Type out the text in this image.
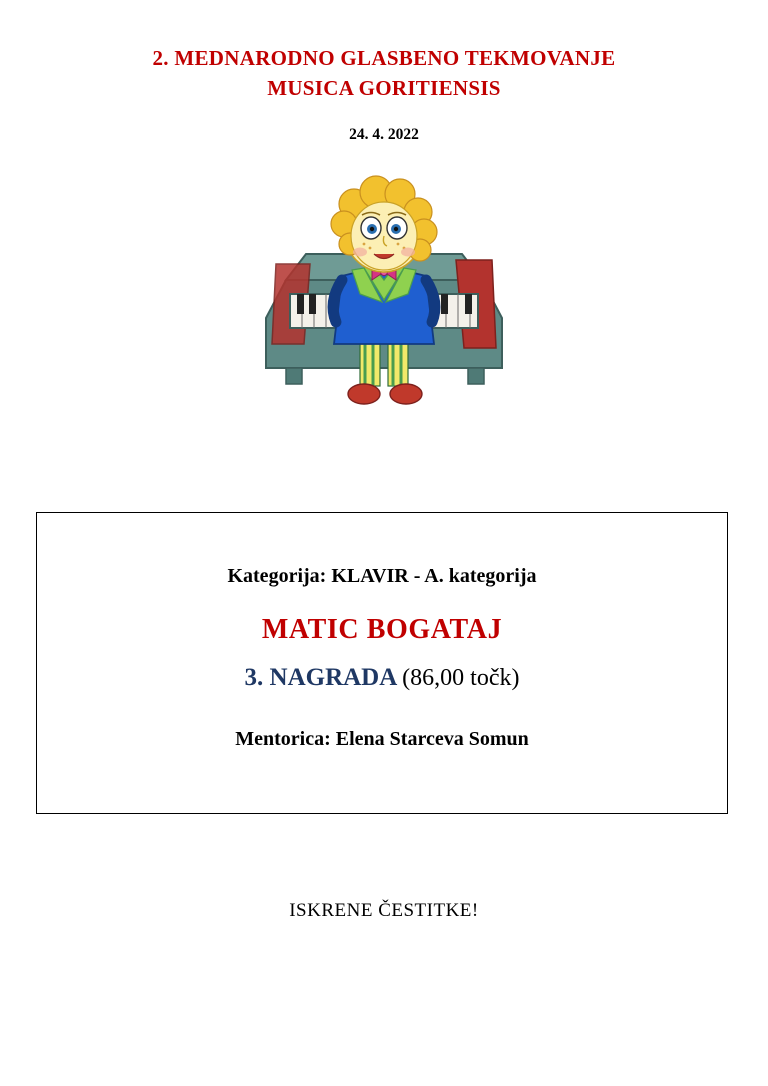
2. MEDNARODNO GLASBENO TEKMOVANJE
MUSICA GORITIENSIS
24. 4. 2022
Kategorija: KLAVIR - A. kategorija
MATIC BOGATAJ
3. NAGRADA (86,00 točk)
Mentorica: Elena Starceva Somun
ISKRENE ČESTITKE!
